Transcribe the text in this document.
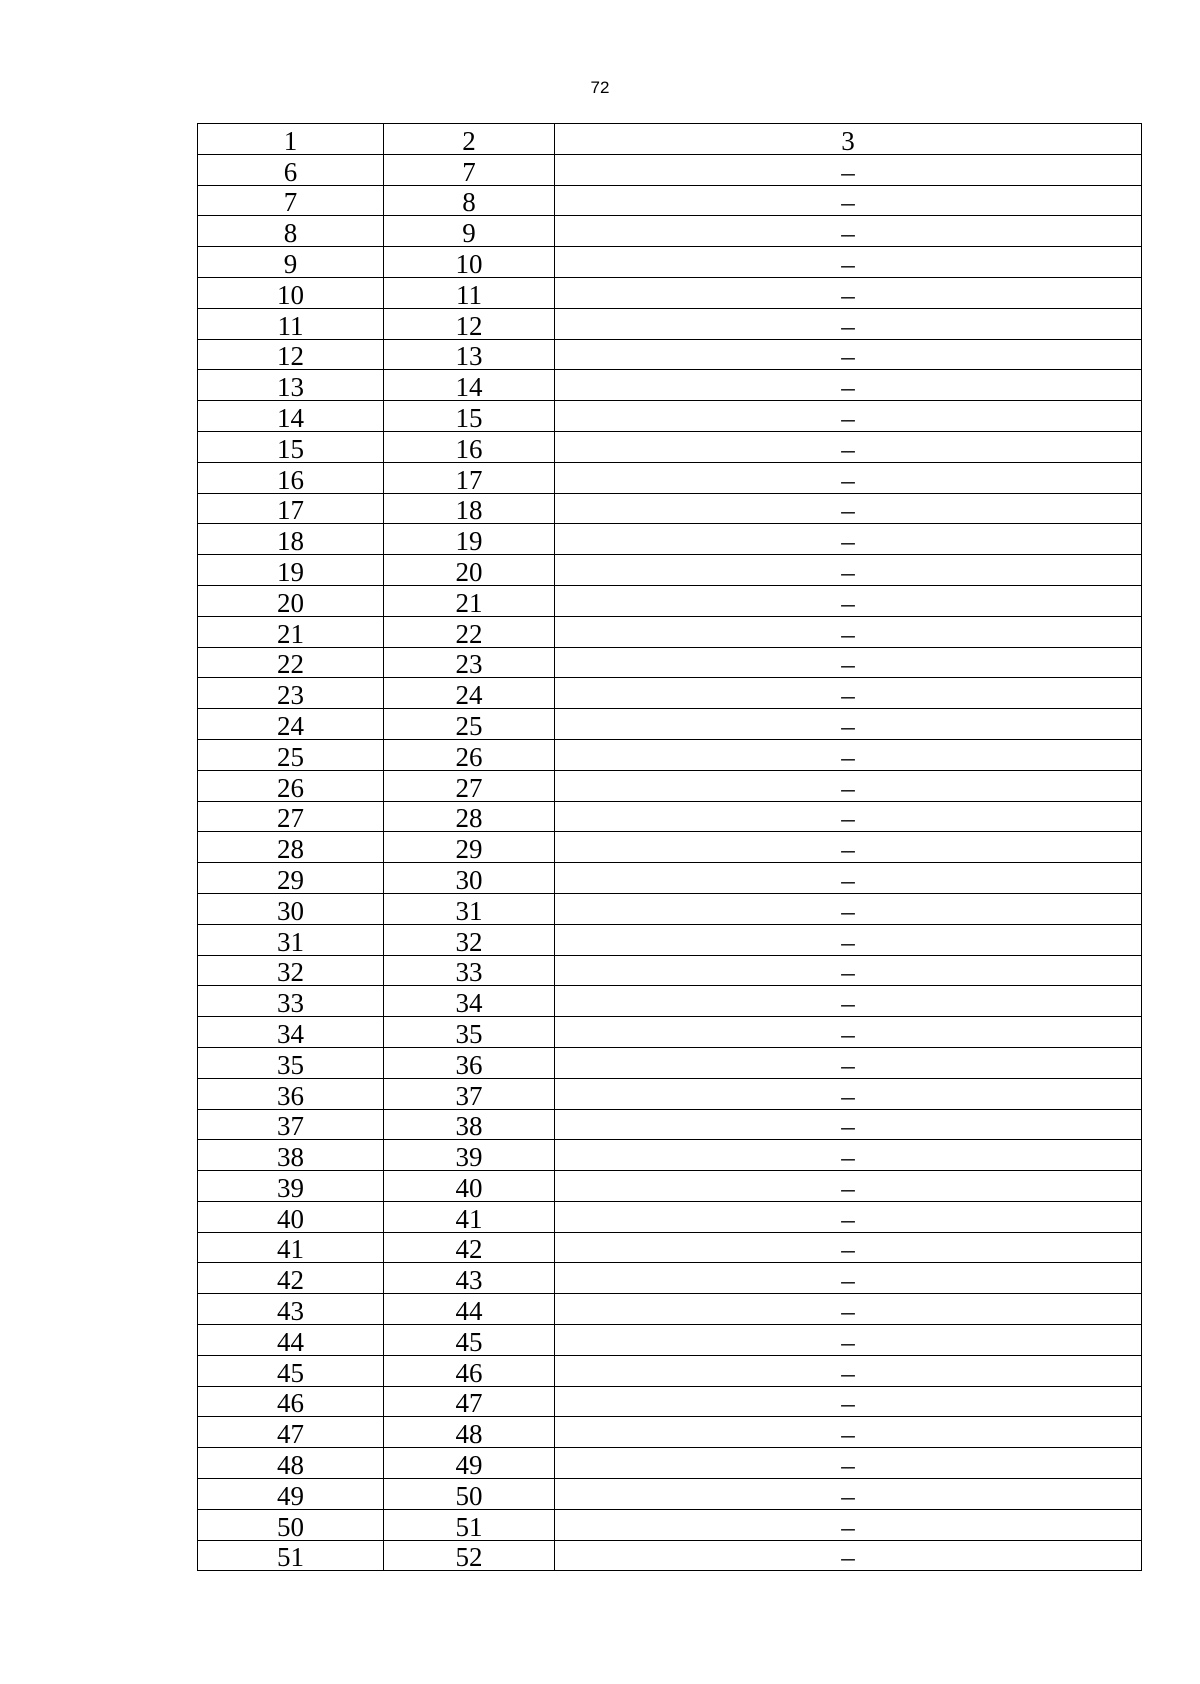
72
1	2	3
6	7	–
7	8	–
8	9	–
9	10	–
10	11	–
11	12	–
12	13	–
13	14	–
14	15	–
15	16	–
16	17	–
17	18	–
18	19	–
19	20	–
20	21	–
21	22	–
22	23	–
23	24	–
24	25	–
25	26	–
26	27	–
27	28	–
28	29	–
29	30	–
30	31	–
31	32	–
32	33	–
33	34	–
34	35	–
35	36	–
36	37	–
37	38	–
38	39	–
39	40	–
40	41	–
41	42	–
42	43	–
43	44	–
44	45	–
45	46	–
46	47	–
47	48	–
48	49	–
49	50	–
50	51	–
51	52	–
